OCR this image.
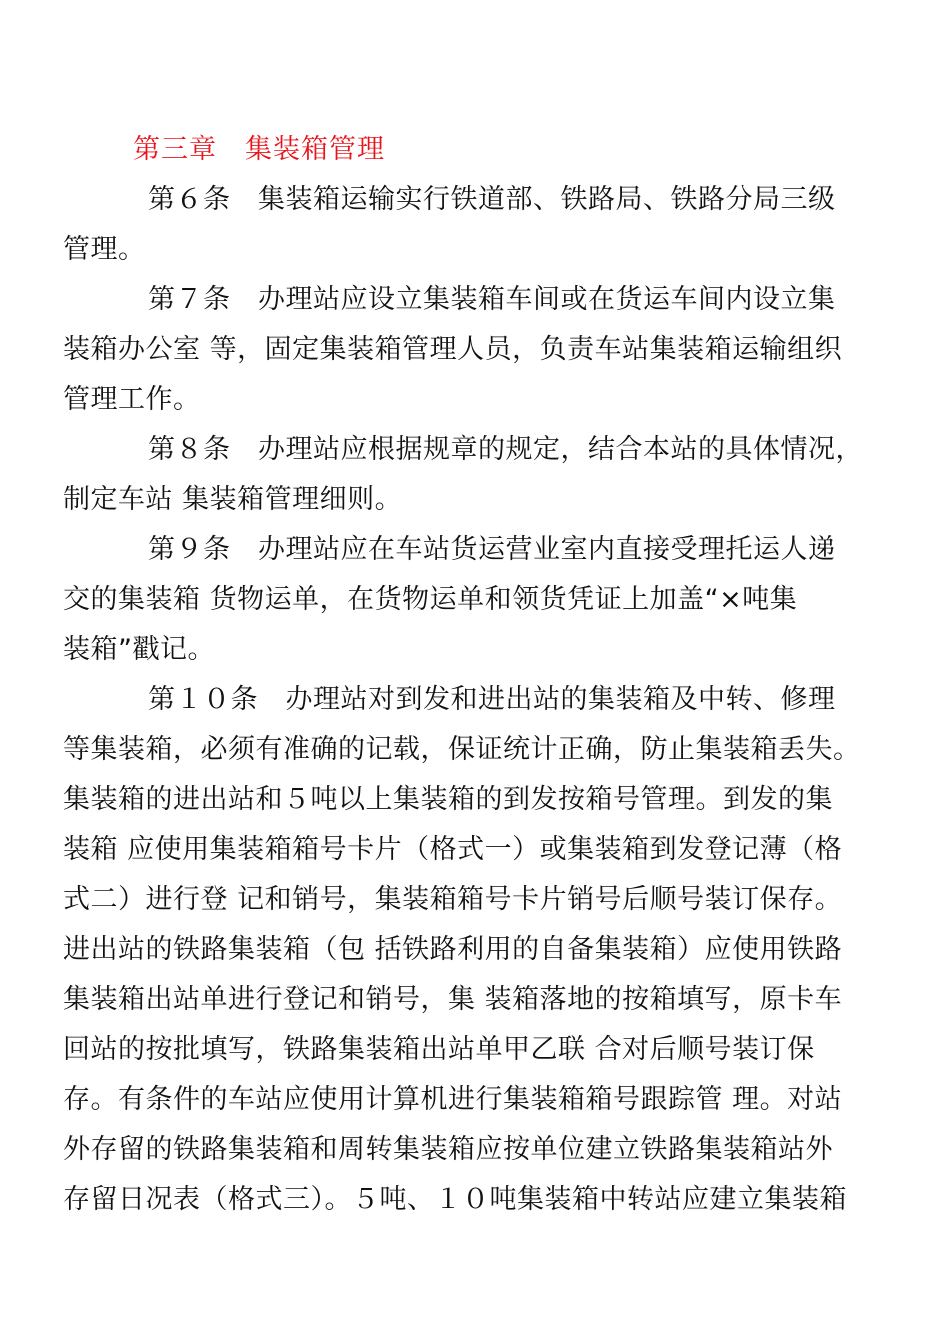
第三章　集装箱管理
第６条　集装箱运输实行铁道部、铁路局、铁路分局三级
管理。
第７条　办理站应设立集装箱车间或在货运车间内设立集
装箱办公室 等，固定集装箱管理人员，负责车站集装箱运输组织
管理工作。
第８条　办理站应根据规章的规定，结合本站的具体情况，
制定车站 集装箱管理细则。
第９条　办理站应在车站货运营业室内直接受理托运人递
交的集装箱 货物运单，在货物运单和领货凭证上加盖“×吨集
装箱”戳记。
第１０条　办理站对到发和进出站的集装箱及中转、修理
等集装箱，必须有准确的记载，保证统计正确，防止集装箱丢失。
集装箱的进出站和５吨以上集装箱的到发按箱号管理。到发的集
装箱 应使用集装箱箱号卡片（格式一）或集装箱到发登记薄（格
式二）进行登 记和销号，集装箱箱号卡片销号后顺号装订保存。
进出站的铁路集装箱（包 括铁路利用的自备集装箱）应使用铁路
集装箱出站单进行登记和销号，集 装箱落地的按箱填写，原卡车
回站的按批填写，铁路集装箱出站单甲乙联 合对后顺号装订保
存。有条件的车站应使用计算机进行集装箱箱号跟踪管 理。对站
外存留的铁路集装箱和周转集装箱应按单位建立铁路集装箱站外
存留日况表（格式三）。５吨、１０吨集装箱中转站应建立集装箱
